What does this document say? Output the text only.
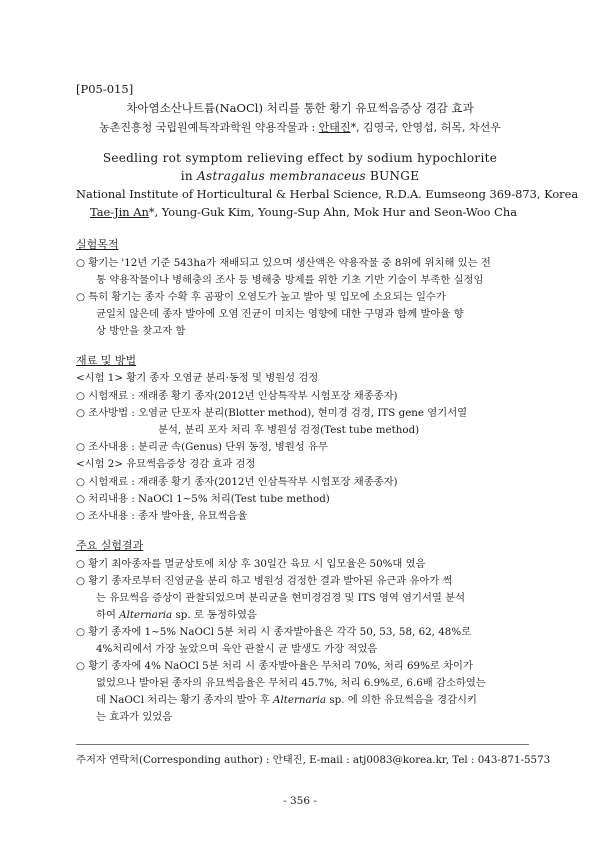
[P05-015]
차아염소산나트륨(NaOCl) 처리를 통한 황기 유묘썩음증상 경감 효과
농촌진흥청 국립원예특작과학원 약용작물과 : 안태진*, 김영국, 안영섭, 허목, 차선우
Seedling rot symptom relieving effect by sodium hypochlorite
in Astragalus membranaceus BUNGE
National Institute of Horticultural & Herbal Science, R.D.A. Eumseong 369-873, Korea
Tae-Jin An*, Young-Guk Kim, Young-Sup Ahn, Mok Hur and Seon-Woo Cha
실험목적
○ 황기는 '12년 기준 543ha가 재배되고 있으며 생산액은 약용작물 중 8위에 위치해 있는 전
통 약용작물이나 병해충의 조사 등 병해충 방제를 위한 기초 기반 기술이 부족한 실정임
○ 특히 황기는 종자 수확 후 곰팡이 오염도가 높고 발아 및 입모에 소요되는 일수가
균일치 않은데 종자 발아에 오염 진균이 미치는 영향에 대한 구명과 함께 발아율 향
상 방안을 찾고자 함
재료 및 방법
<시험 1> 황기 종자 오염균 분리·동정 및 병원성 검정
○ 시험재료 : 재래종 황기 종자(2012년 인삼특작부 시험포장 채종종자)
○ 조사방법 : 오염균 단포자 분리(Blotter method), 현미경 검경, ITS gene 염기서열
분석, 분리 포자 처리 후 병원성 검정(Test tube method)
○ 조사내용 : 분리균 속(Genus) 단위 동정, 병원성 유무
<시험 2> 유묘썩음증상 경감 효과 검정
○ 시험재료 : 재래종 황기 종자(2012년 인삼특작부 시험포장 채종종자)
○ 처리내용 : NaOCl 1~5% 처리(Test tube method)
○ 조사내용 : 종자 발아율, 유묘썩음율
주요 실험결과
○ 황기 최아종자를 멸균상토에 치상 후 30일간 육묘 시 입모율은 50%대 였음
○ 황기 종자로부터 진염균을 분리 하고 병원성 검정한 결과 발아된 유근과 유아가 썩
는 유묘썩음 증상이 관찰되었으며 분리균을 현미경검경 및 ITS 영역 염기서열 분석
하여 Alternaria sp. 로 동정하였음
○ 황기 종자에 1~5% NaOCl 5분 처리 시 종자발아율은 각각 50, 53, 58, 62, 48%로
4%처리에서 가장 높았으며 육안 관찰시 균 발생도 가장 적었음
○ 황기 종자에 4% NaOCl 5분 처리 시 종자발아율은 무처리 70%, 처리 69%로 차이가
없었으나 발아된 종자의 유묘썩음율은 무처리 45.7%, 처리 6.9%로, 6.6배 감소하였는
데 NaOCl 처리는 황기 종자의 발아 후 Alternaria sp. 에 의한 유묘썩음을 경감시키
는 효과가 있었음
주저자 연락처(Corresponding author) : 안태진, E-mail : atj0083@korea.kr, Tel : 043-871-5573
- 356 -
